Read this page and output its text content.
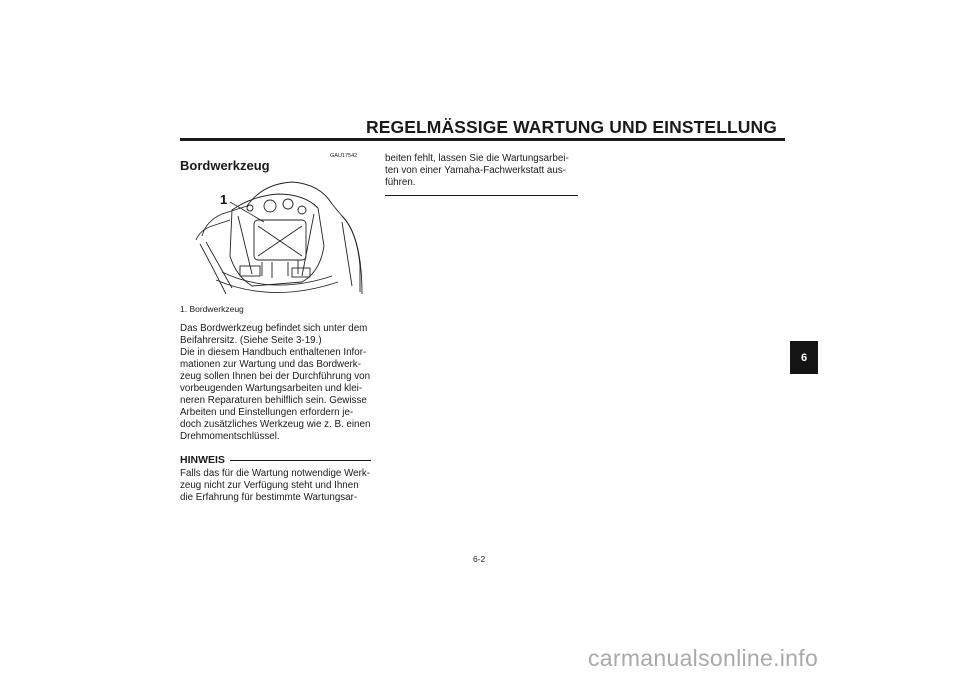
REGELMÄSSIGE WARTUNG UND EINSTELLUNG
GAU17542
Bordwerkzeug
1
1. Bordwerkzeug
Das Bordwerkzeug befindet sich unter dem
Beifahrersitz. (Siehe Seite 3-19.)
Die in diesem Handbuch enthaltenen Infor-
mationen zur Wartung und das Bordwerk-
zeug sollen Ihnen bei der Durchführung von
vorbeugenden Wartungsarbeiten und klei-
neren Reparaturen behilflich sein. Gewisse
Arbeiten und Einstellungen erfordern je-
doch zusätzliches Werkzeug wie z. B. einen
Drehmomentschlüssel.
HINWEIS
Falls das für die Wartung notwendige Werk-
zeug nicht zur Verfügung steht und Ihnen
die Erfahrung für bestimmte Wartungsar-
beiten fehlt, lassen Sie die Wartungsarbei-
ten von einer Yamaha-Fachwerkstatt aus-
führen.
6
6-2
carmanualsonline.info
